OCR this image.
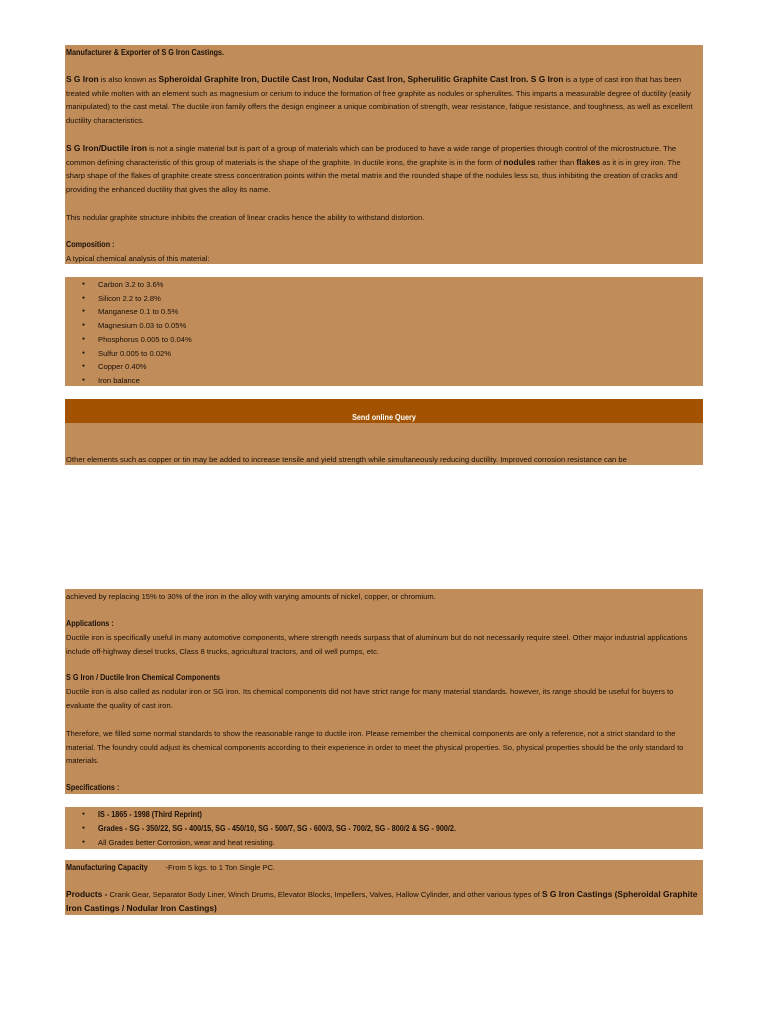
Manufacturer & Exporter of S G Iron Castings.

S G Iron is also known as Spheroidal Graphite Iron, Ductile Cast Iron, Nodular Cast Iron, Spherulitic Graphite Cast Iron. S G Iron is a type of cast iron that has been treated while molten with an element such as magnesium or cerium to induce the formation of free graphite as nodules or spherulites. This imparts a measurable degree of ductility (easily manipulated) to the cast metal. The ductile iron family offers the design engineer a unique combination of strength, wear resistance, fatigue resistance, and toughness, as well as excellent ductility characteristics.

S G Iron/Ductile iron is not a single material but is part of a group of materials which can be produced to have a wide range of properties through control of the microstructure. The common defining characteristic of this group of materials is the shape of the graphite. In ductile irons, the graphite is in the form of nodules rather than flakes as it is in grey iron. The sharp shape of the flakes of graphite create stress concentration points within the metal matrix and the rounded shape of the nodules less so, thus inhibiting the creation of cracks and providing the enhanced ductility that gives the alloy its name.

This nodular graphite structure inhibits the creation of linear cracks hence the ability to withstand distortion.

Composition :

A typical chemical analysis of this material:

● Carbon 3.2 to 3.6%
● Silicon 2.2 to 2.8%
● Manganese 0.1 to 0.5%
● Magnesium 0.03 to 0.05%
● Phosphorus 0.005 to 0.04%
● Sulfur 0.005 to 0.02%
● Copper 0.40%
● Iron balance
Send online Query

Other elements such as copper or tin may be added to increase tensile and yield strength while simultaneously reducing ductility. Improved corrosion resistance can be

achieved by replacing 15% to 30% of the iron in the alloy with varying amounts of nickel, copper, or chromium.

Applications :

Ductile iron is specifically useful in many automotive components, where strength needs surpass that of aluminum but do not necessarily require steel. Other major industrial applications include off-highway diesel trucks, Class 8 trucks, agricultural tractors, and oil well pumps, etc.

S G Iron / Ductile Iron Chemical Components

Ductile iron is also called as nodular iron or SG iron. Its chemical components did not have strict range for many material standards. however, its range should be useful for buyers to evaluate the quality of cast iron.

Therefore, we filled some normal standards to show the reasonable range to ductile iron. Please remember the chemical components are only a reference, not a strict standard to the material. The foundry could adjust its chemical components according to their experience in order to meet the physical properties. So, physical properties should be the only standard to materials.

Specifications :
● IS - 1865 - 1998 (Third Reprint)
● Grades - SG - 350/22, SG - 400/15, SG - 450/10, SG - 500/7, SG - 600/3, SG - 700/2, SG - 800/2 & SG - 900/2.
● All Grades better Corrosion, wear and heat resisting.

Manufacturing Capacity -From 5 kgs. to 1 Ton Single PC.

Products - Crank Gear, Separator Body Liner, Winch Drums, Elevator Blocks, Impellers, Valves, Hallow Cylinder, and other various types of S G Iron Castings (Spheroidal Graphite Iron Castings / Nodular Iron Castings)
